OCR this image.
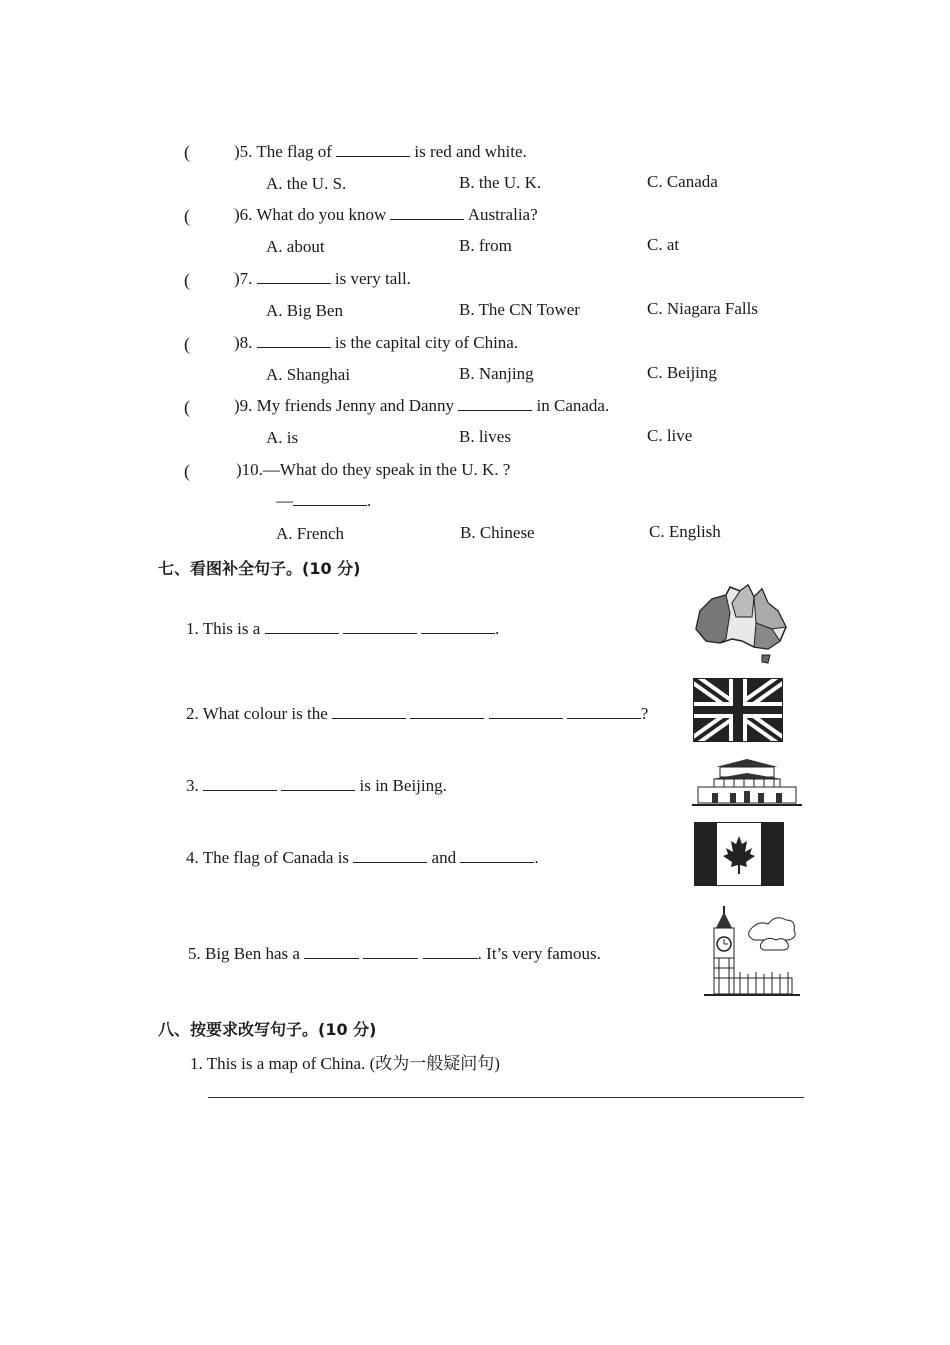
(	)5. The flag of	is red and white.
A. the U. S.	B. the U. K.	C. Canada
(	)6. What do you know	Australia?
A. about	B. from	C. at
(	)7.	is very tall.
A. Big Ben	B. The CN Tower	C. Niagara Falls
(	)8.	is the capital city of China.
A. Shanghai	B. Nanjing	C. Beijing
(	)9. My friends Jenny and Danny	in Canada.
A. is	B. lives	C. live
(	)10.—What do they speak in the U. K. ?
—	.
A. French	B. Chinese	C. English
七、看图补全句子。(10 分)
1. This is a	.
2. What colour is the	?
3.	is in Beijing.
4. The flag of Canada is	and	.
5. Big Ben has a	. It’s very famous.
八、按要求改写句子。(10 分)
1. This is a map of China. (改为一般疑问句)
